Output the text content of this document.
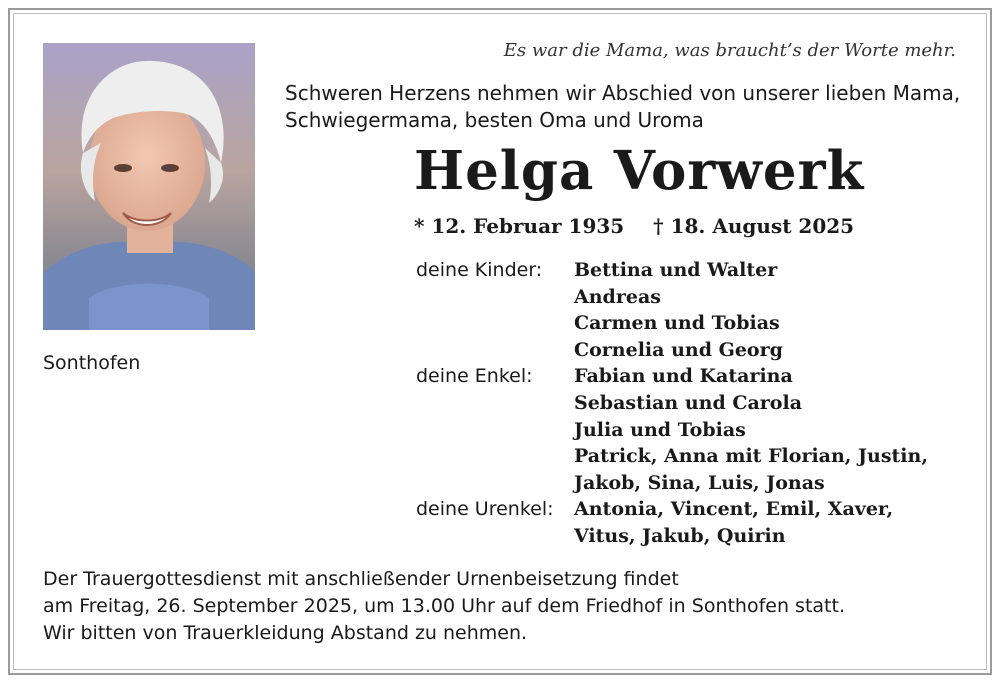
Sonthofen
Es war die Mama, was braucht’s der Worte mehr.
Schweren Herzens nehmen wir Abschied von unserer lieben Mama,
Schwiegermama, besten Oma und Uroma
Helga Vorwerk
* 12. Februar 1935 † 18. August 2025
deine Kinder: Bettina und Walter
Andreas
Carmen und Tobias
Cornelia und Georg
deine Enkel: Fabian und Katarina
Sebastian und Carola
Julia und Tobias
Patrick, Anna mit Florian, Justin,
Jakob, Sina, Luis, Jonas
deine Urenkel: Antonia, Vincent, Emil, Xaver,
Vitus, Jakub, Quirin
Der Trauergottesdienst mit anschließender Urnenbeisetzung findet
am Freitag, 26. September 2025, um 13.00 Uhr auf dem Friedhof in Sonthofen statt.
Wir bitten von Trauerkleidung Abstand zu nehmen.
